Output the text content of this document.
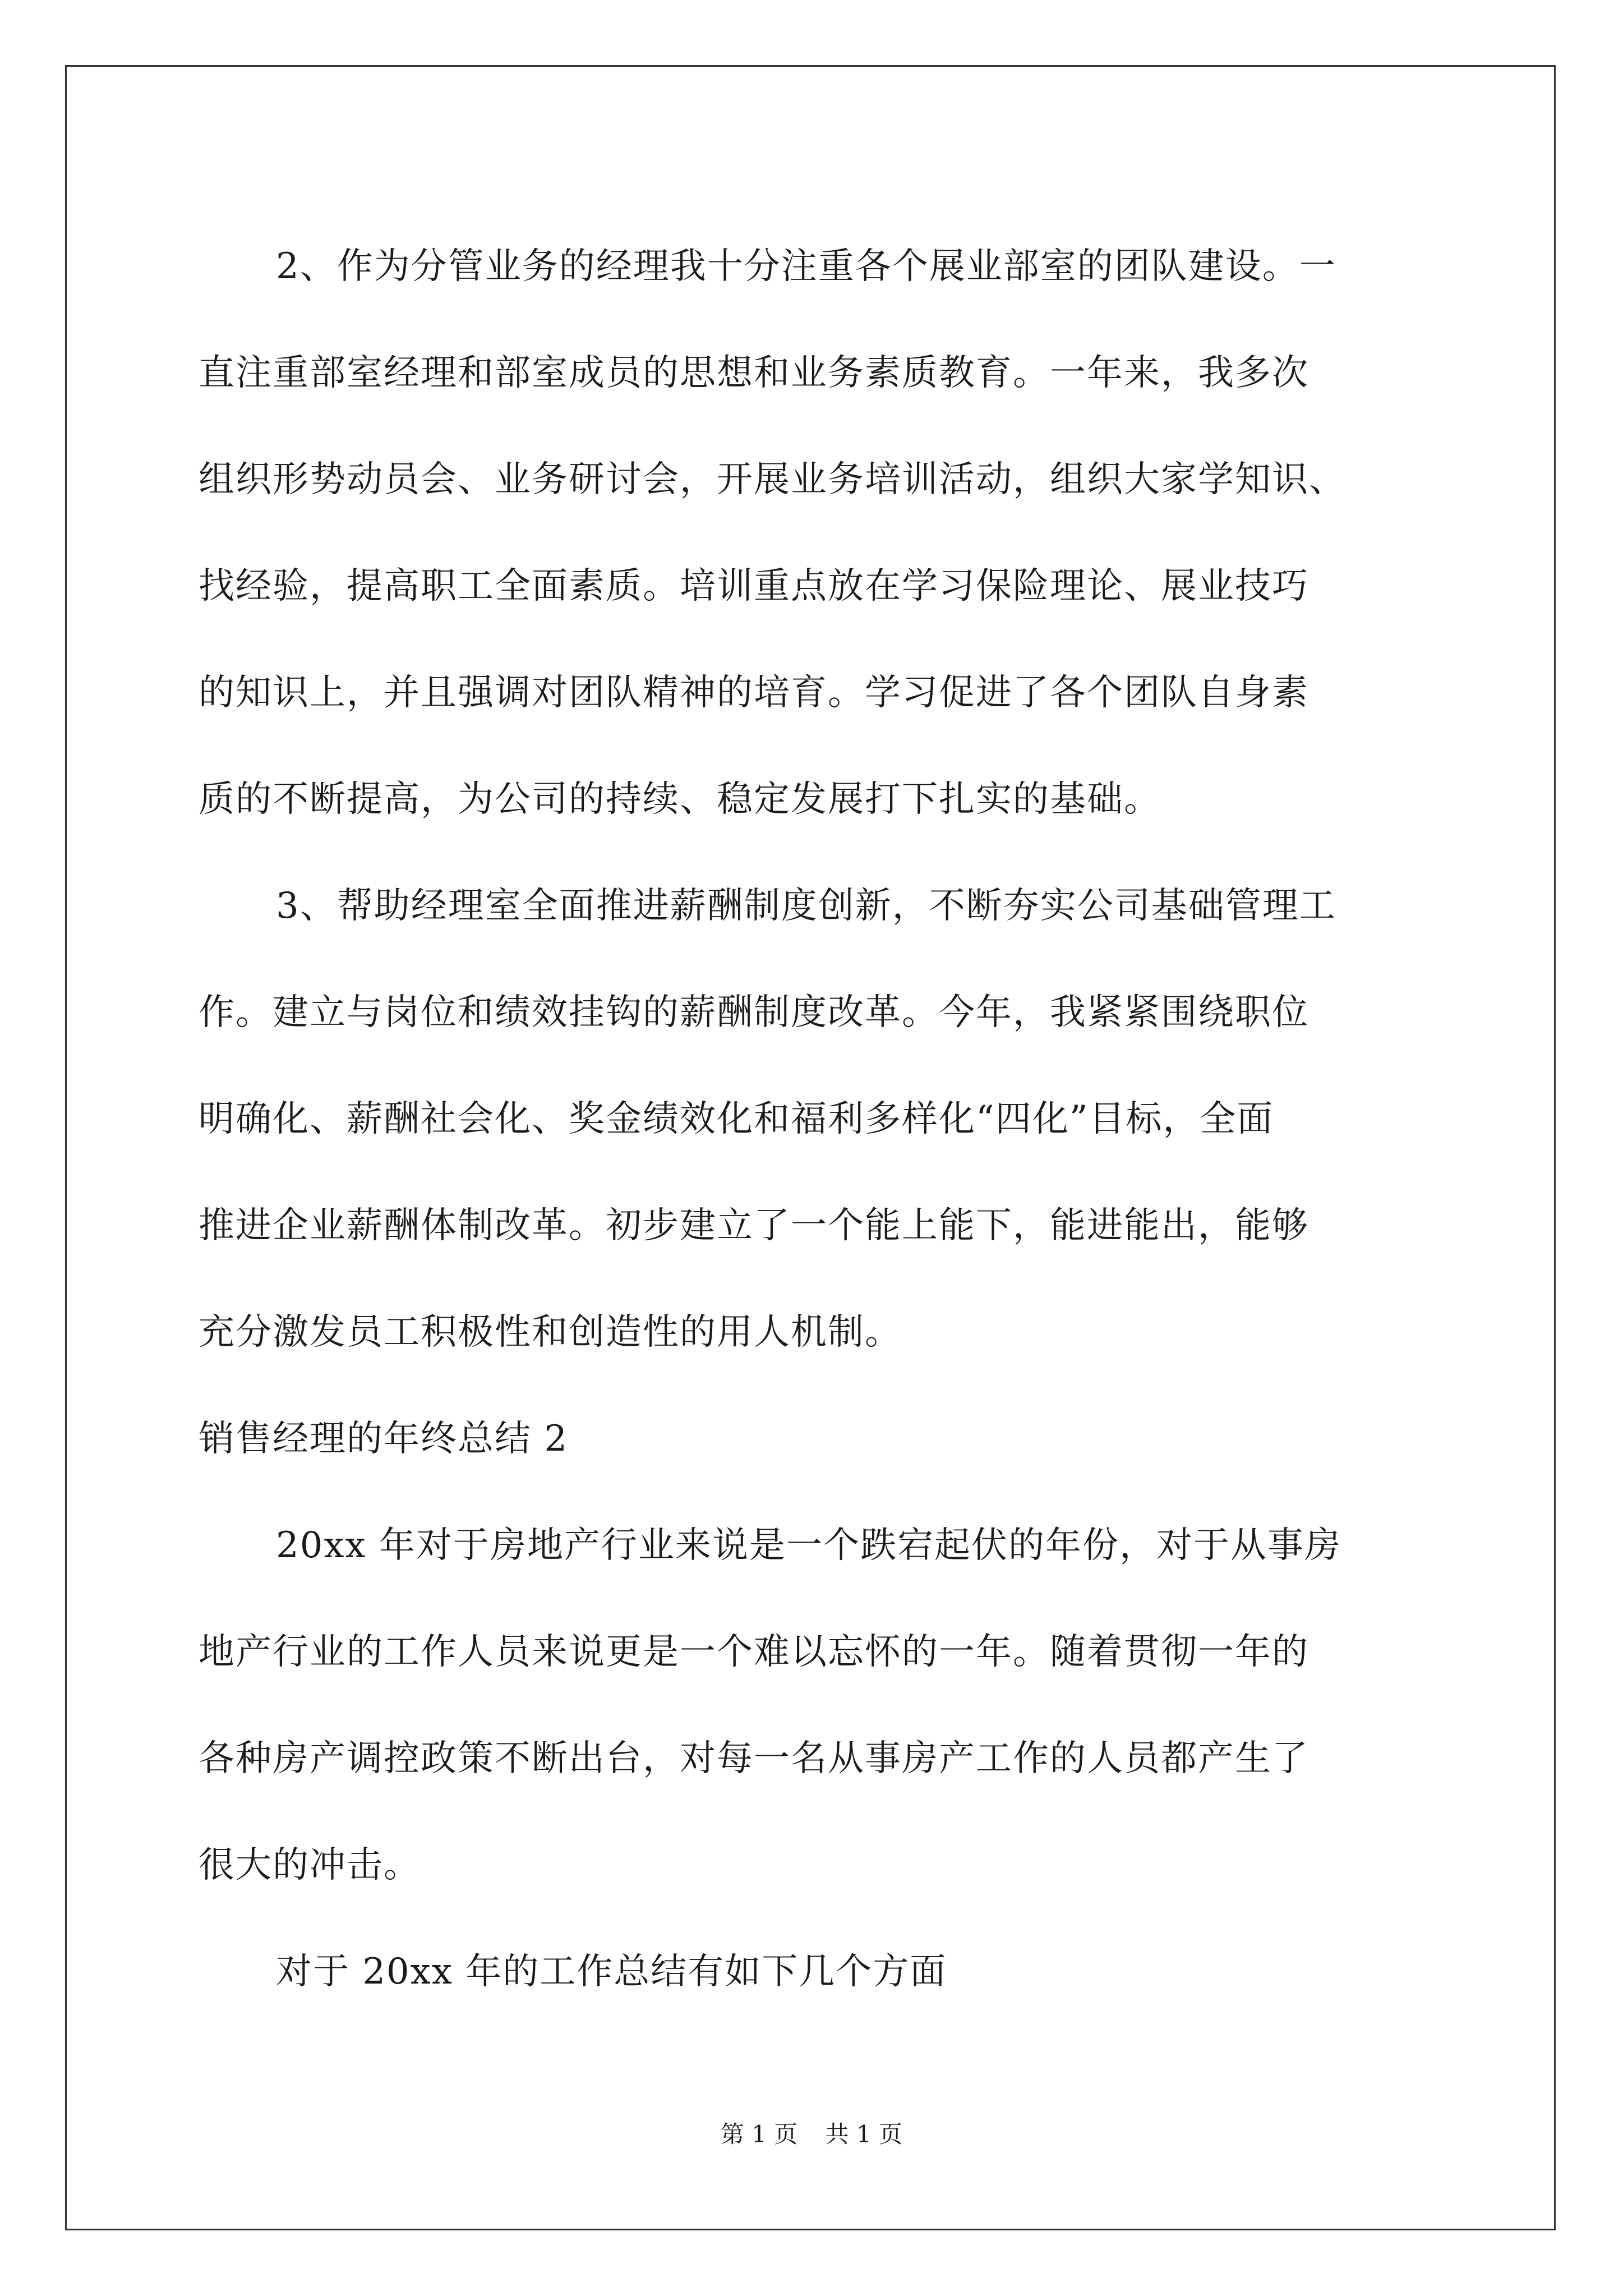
2、作为分管业务的经理我十分注重各个展业部室的团队建设。一
直注重部室经理和部室成员的思想和业务素质教育。一年来，我多次
组织形势动员会、业务研讨会，开展业务培训活动，组织大家学知识、
找经验，提高职工全面素质。培训重点放在学习保险理论、展业技巧
的知识上，并且强调对团队精神的培育。学习促进了各个团队自身素
质的不断提高，为公司的持续、稳定发展打下扎实的基础。
3、帮助经理室全面推进薪酬制度创新，不断夯实公司基础管理工
作。建立与岗位和绩效挂钩的薪酬制度改革。今年，我紧紧围绕职位
明确化、薪酬社会化、奖金绩效化和福利多样化“四化”目标，全面
推进企业薪酬体制改革。初步建立了一个能上能下，能进能出，能够
充分激发员工积极性和创造性的用人机制。
销售经理的年终总结 2
20xx 年对于房地产行业来说是一个跌宕起伏的年份，对于从事房
地产行业的工作人员来说更是一个难以忘怀的一年。随着贯彻一年的
各种房产调控政策不断出台，对每一名从事房产工作的人员都产生了
很大的冲击。
对于 20xx 年的工作总结有如下几个方面
第 1 页 共 1 页
